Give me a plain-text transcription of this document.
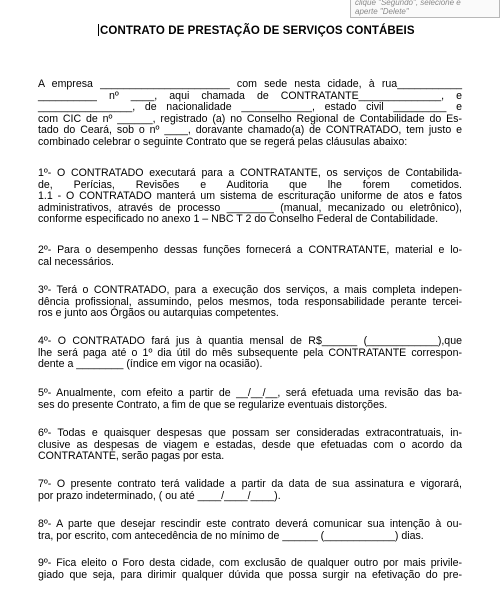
clique "Segundo", selecione e
aperte "Delete"
CONTRATO DE PRESTAÇÃO DE SERVIÇOS CONTÁBEIS
A empresa ______________________ com sede nesta cidade, à rua___________
__________ nº ____, aqui chamada de CONTRATANTE______________, e
________________, de nacionalidade ____________, estado civil _________ e
com CIC de nº ______, registrado (a) no Conselho Regional de Contabilidade do Es-
tado do Ceará, sob o nº ____, doravante chamado(a) de CONTRATADO, tem justo e
combinado celebrar o seguinte Contrato que se regerá pelas cláusulas abaixo:
1º- O CONTRATADO executará para a CONTRATANTE, os serviços de Contabilida-
de, Perícias, Revisões e Auditoria que lhe forem cometidos.
1.1 - O CONTRATADO manterá um sistema de escrituração uniforme de atos e fatos
administrativos, através de processo ________ (manual, mecanizado ou eletrônico),
conforme especificado no anexo 1 – NBC T 2 do Conselho Federal de Contabilidade.
2º- Para o desempenho dessas funções fornecerá a CONTRATANTE, material e lo-
cal necessários.
3º- Terá o CONTRATADO, para a execução dos serviços, a mais completa indepen-
dência profissional, assumindo, pelos mesmos, toda responsabilidade perante tercei-
ros e junto aos Órgãos ou autarquias competentes.
4º- O CONTRATADO fará jus à quantia mensal de R$______ (____________),que
lhe será paga até o 1º dia útil do mês subsequente pela CONTRATANTE correspon-
dente a ________ (índice em vigor na ocasião).
5º- Anualmente, com efeito a partir de __/__/__, será efetuada uma revisão das ba-
ses do presente Contrato, a fim de que se regularize eventuais distorções.
6º- Todas e quaisquer despesas que possam ser consideradas extracontratuais, in-
clusive as despesas de viagem e estadas, desde que efetuadas com o acordo da
CONTRATANTE, serão pagas por esta.
7º- O presente contrato terá validade a partir da data de sua assinatura e vigorará,
por prazo indeterminado, ( ou até ____/____/____).
8º- A parte que desejar rescindir este contrato deverá comunicar sua intenção à ou-
tra, por escrito, com antecedência de no mínimo de ______ (____________) dias.
9º- Fica eleito o Foro desta cidade, com exclusão de qualquer outro por mais privile-
giado que seja, para dirimir qualquer dúvida que possa surgir na efetivação do pre-
